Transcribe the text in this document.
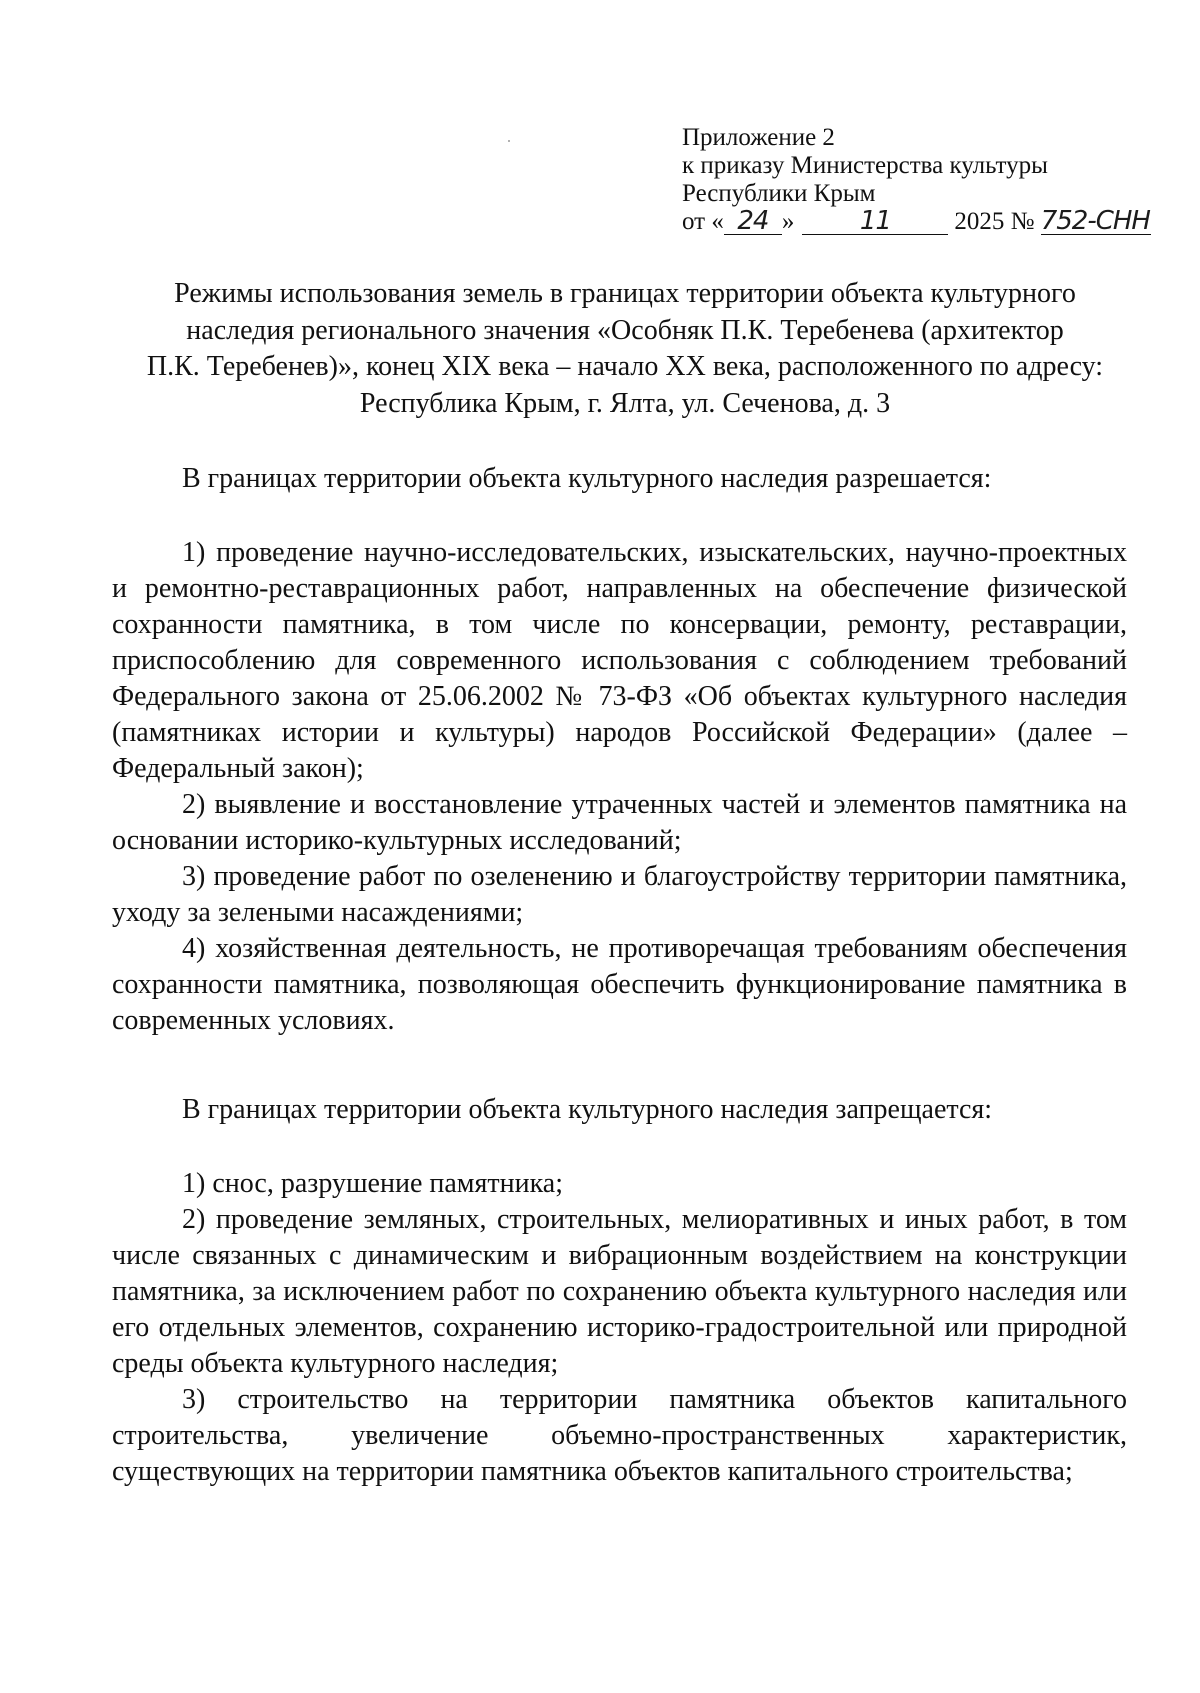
Приложение 2
к приказу Министерства культуры
Республики Крым
от « 24 »	11	2025 № 752-СНН
Режимы использования земель в границах территории объекта культурного
наследия регионального значения «Особняк П.К. Теребенева (архитектор
П.К. Теребенев)», конец XIX века – начало XX века, расположенного по адресу:
Республика Крым, г. Ялта, ул. Сеченова, д. 3
В границах территории объекта культурного наследия разрешается:

1) проведение научно-исследовательских, изыскательских, научно-проектных и ремонтно-реставрационных работ, направленных на обеспечение физической сохранности памятника, в том числе по консервации, ремонту, реставрации, приспособлению для современного использования с соблюдением требований Федерального закона от 25.06.2002 № 73-ФЗ «Об объектах культурного наследия (памятниках истории и культуры) народов Российской Федерации» (далее – Федеральный закон);

2) выявление и восстановление утраченных частей и элементов памятника на основании историко-культурных исследований;

3) проведение работ по озеленению и благоустройству территории памятника, уходу за зелеными насаждениями;

4) хозяйственная деятельность, не противоречащая требованиям обеспечения сохранности памятника, позволяющая обеспечить функционирование памятника в современных условиях.

В границах территории объекта культурного наследия запрещается:

1) снос, разрушение памятника;

2) проведение земляных, строительных, мелиоративных и иных работ, в том числе связанных с динамическим и вибрационным воздействием на конструкции памятника, за исключением работ по сохранению объекта культурного наследия или его отдельных элементов, сохранению историко-градостроительной или природной среды объекта культурного наследия;

3) строительство на территории памятника объектов капитального строительства, увеличение объемно-пространственных характеристик, существующих на территории памятника объектов капитального строительства;
